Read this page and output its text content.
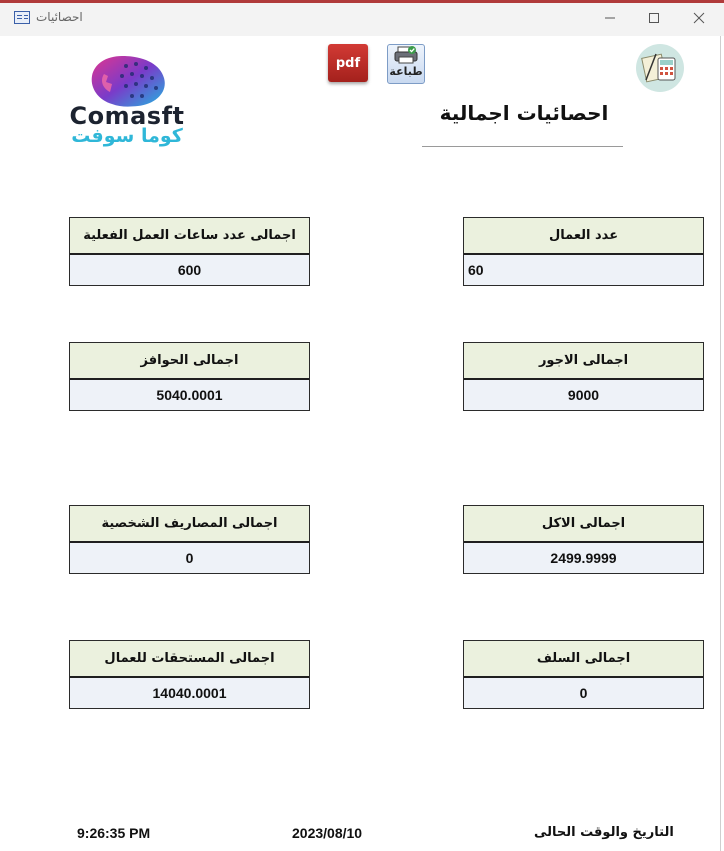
احصائيات
طباعة
pdf
Comasft
كوما سوفت
احصائيات اجمالية
عدد العمال
60
اجمالى عدد ساعات العمل الفعلية
600
اجمالى الاجور
9000
اجمالى الحوافز
5040.0001
اجمالى الاكل
2499.9999
اجمالى المصاريف الشخصية
0
اجمالى السلف
0
اجمالى المستحقات للعمال
14040.0001
التاريخ والوقت الحالى
2023/08/10
9:26:35 PM
